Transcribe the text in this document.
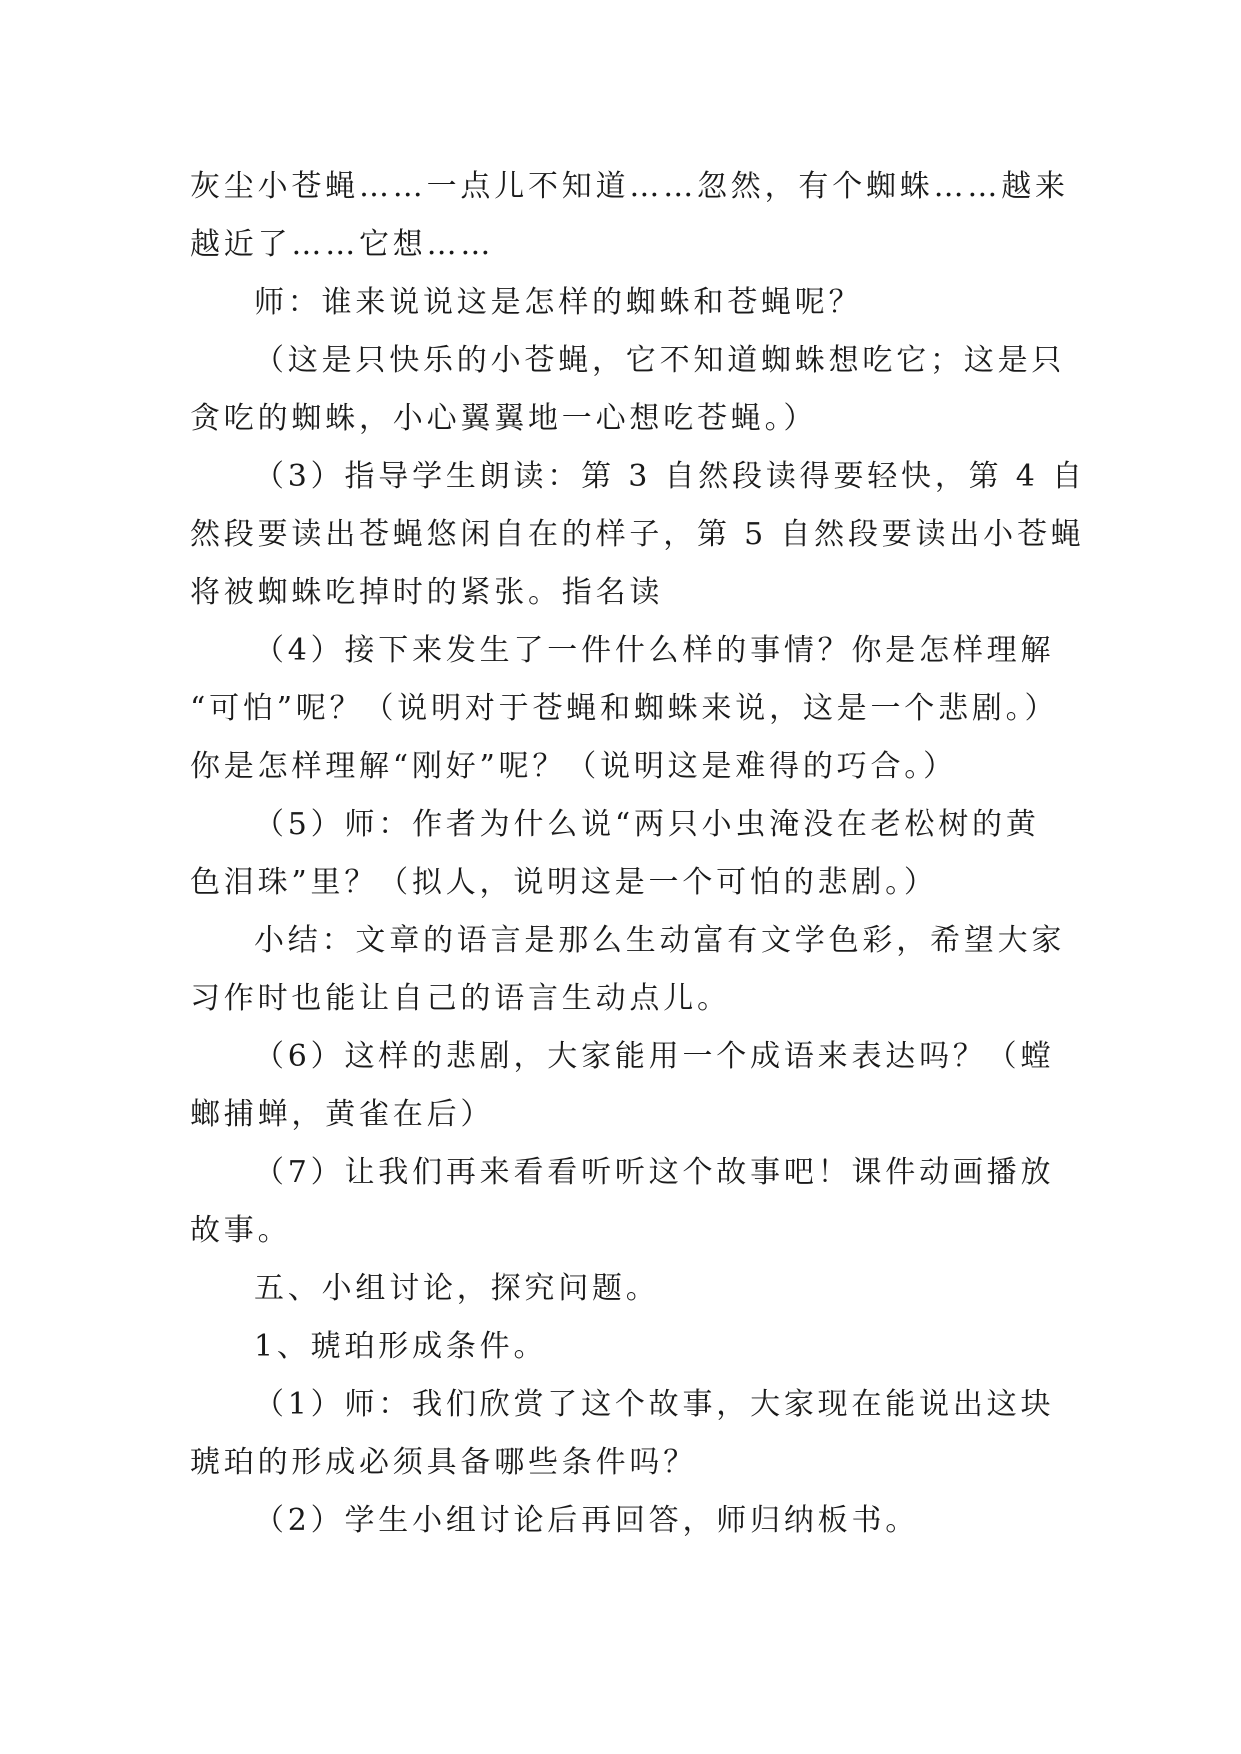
灰尘小苍蝇……一点儿不知道……忽然，有个蜘蛛……越来
越近了……它想……
师：谁来说说这是怎样的蜘蛛和苍蝇呢？
（这是只快乐的小苍蝇，它不知道蜘蛛想吃它；这是只
贪吃的蜘蛛，小心翼翼地一心想吃苍蝇。）
（3）指导学生朗读：第 3 自然段读得要轻快，第 4 自
然段要读出苍蝇悠闲自在的样子，第 5 自然段要读出小苍蝇
将被蜘蛛吃掉时的紧张。指名读
（4）接下来发生了一件什么样的事情？你是怎样理解
“可怕”呢？（说明对于苍蝇和蜘蛛来说，这是一个悲剧。）
你是怎样理解“刚好”呢？（说明这是难得的巧合。）
（5）师：作者为什么说“两只小虫淹没在老松树的黄
色泪珠”里？（拟人，说明这是一个可怕的悲剧。）
小结：文章的语言是那么生动富有文学色彩，希望大家
习作时也能让自己的语言生动点儿。
（6）这样的悲剧，大家能用一个成语来表达吗？（螳
螂捕蝉，黄雀在后）
（7）让我们再来看看听听这个故事吧！课件动画播放
故事。
五、小组讨论，探究问题。
1、琥珀形成条件。
（1）师：我们欣赏了这个故事，大家现在能说出这块
琥珀的形成必须具备哪些条件吗？
（2）学生小组讨论后再回答，师归纳板书。
